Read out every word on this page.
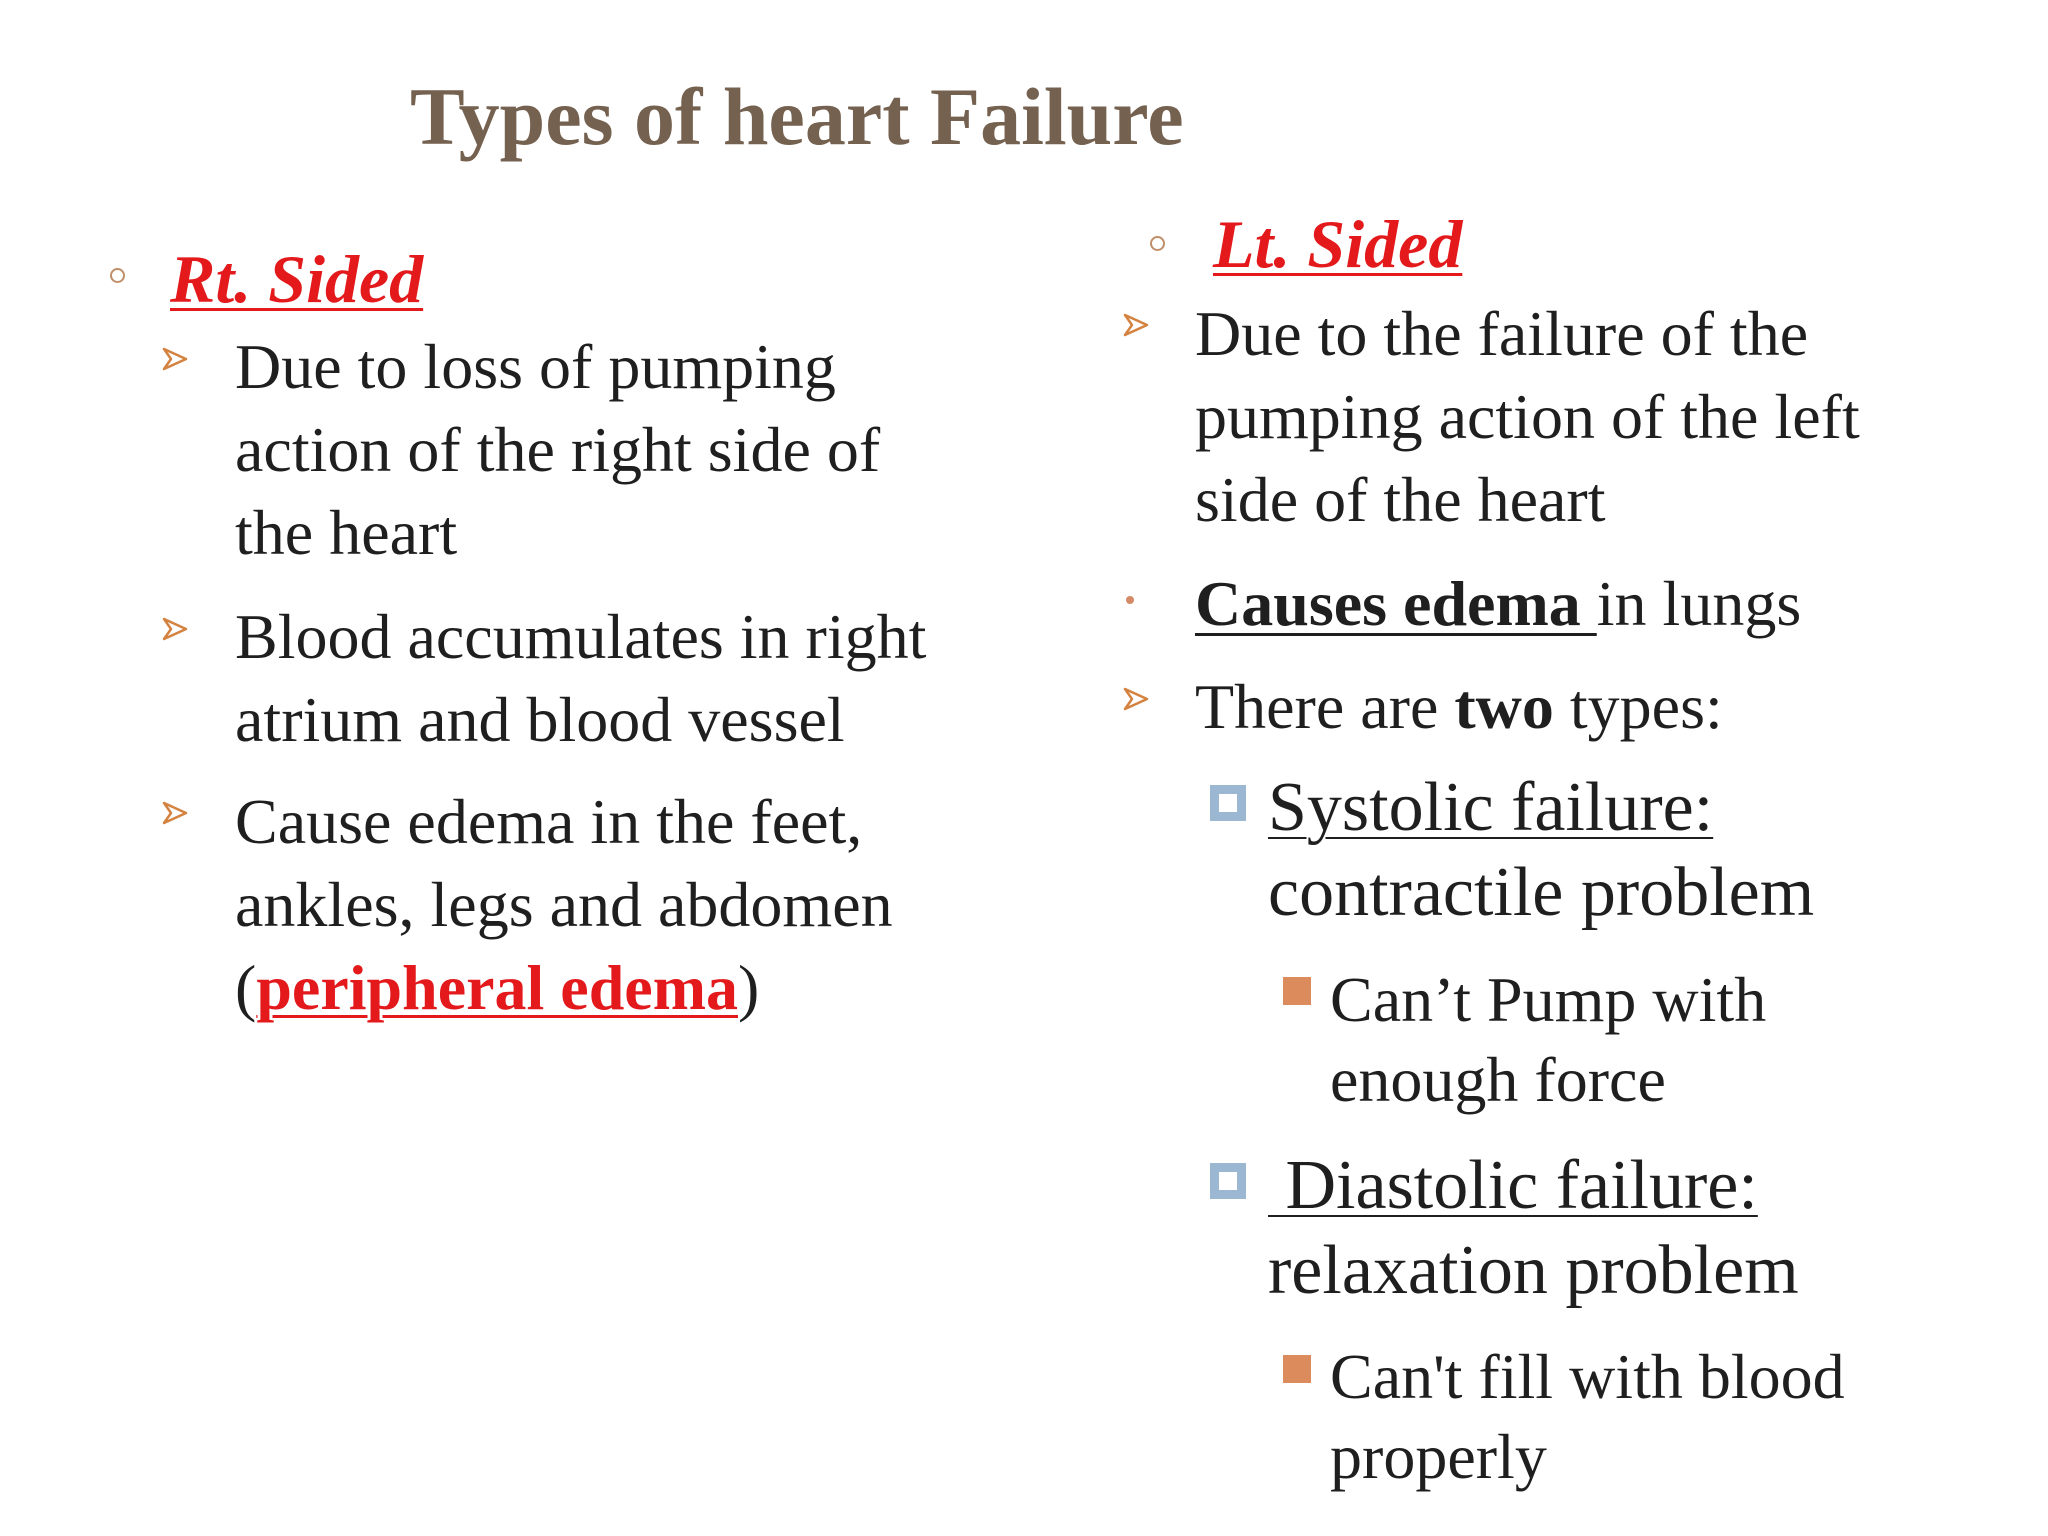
Types of heart Failure
Rt. Sided
Due to loss of pumping
action of the right side of
the heart
Blood accumulates in right
atrium and blood vessel
Cause edema in the feet,
ankles, legs and abdomen
(peripheral edema)
Lt. Sided
Due to the failure of the
pumping action of the left
side of the heart
Causes edema in lungs
There are two types:
Systolic failure:
contractile problem
Can’t Pump with
enough force
Diastolic failure:
relaxation problem
Can't fill with blood
properly
